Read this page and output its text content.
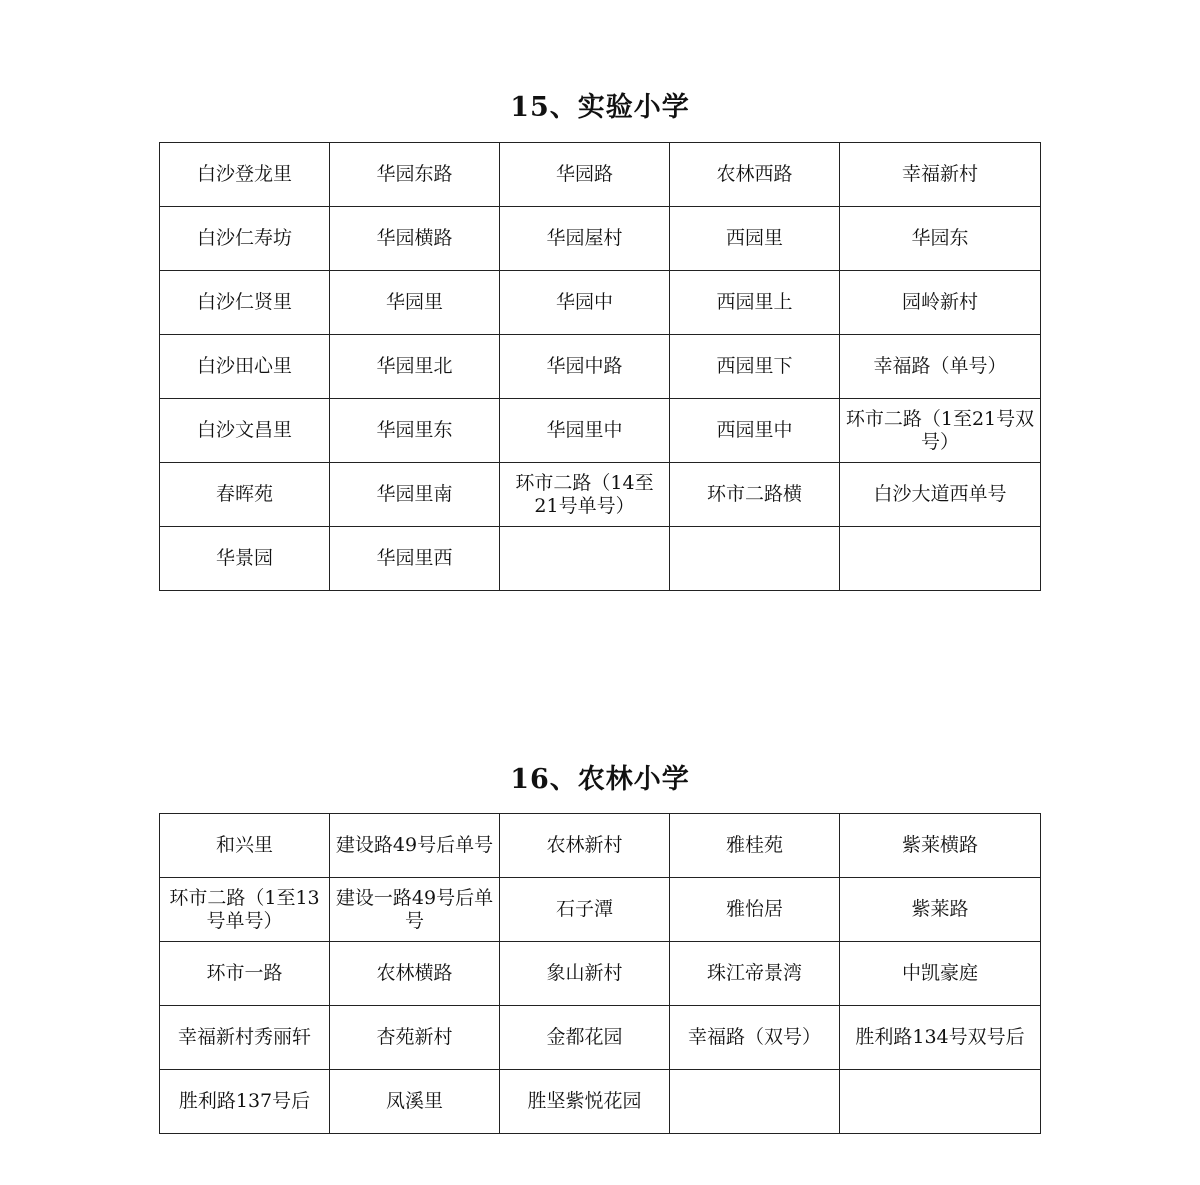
15、实验小学
白沙登龙里	华园东路	华园路	农林西路	幸福新村
白沙仁寿坊	华园横路	华园屋村	西园里	华园东
白沙仁贤里	华园里	华园中	西园里上	园岭新村
白沙田心里	华园里北	华园中路	西园里下	幸福路（单号）
白沙文昌里	华园里东	华园里中	西园里中	环市二路（1至21号双号）
春晖苑	华园里南	环市二路（14至21号单号）	环市二路横	白沙大道西单号
华景园	华园里西			
16、农林小学
和兴里	建设路49号后单号	农林新村	雅桂苑	紫莱横路
环市二路（1至13号单号）	建设一路49号后单号	石子潭	雅怡居	紫莱路
环市一路	农林横路	象山新村	珠江帝景湾	中凯豪庭
幸福新村秀丽轩	杏苑新村	金都花园	幸福路（双号）	胜利路134号双号后
胜利路137号后	凤溪里	胜坚紫悦花园		
